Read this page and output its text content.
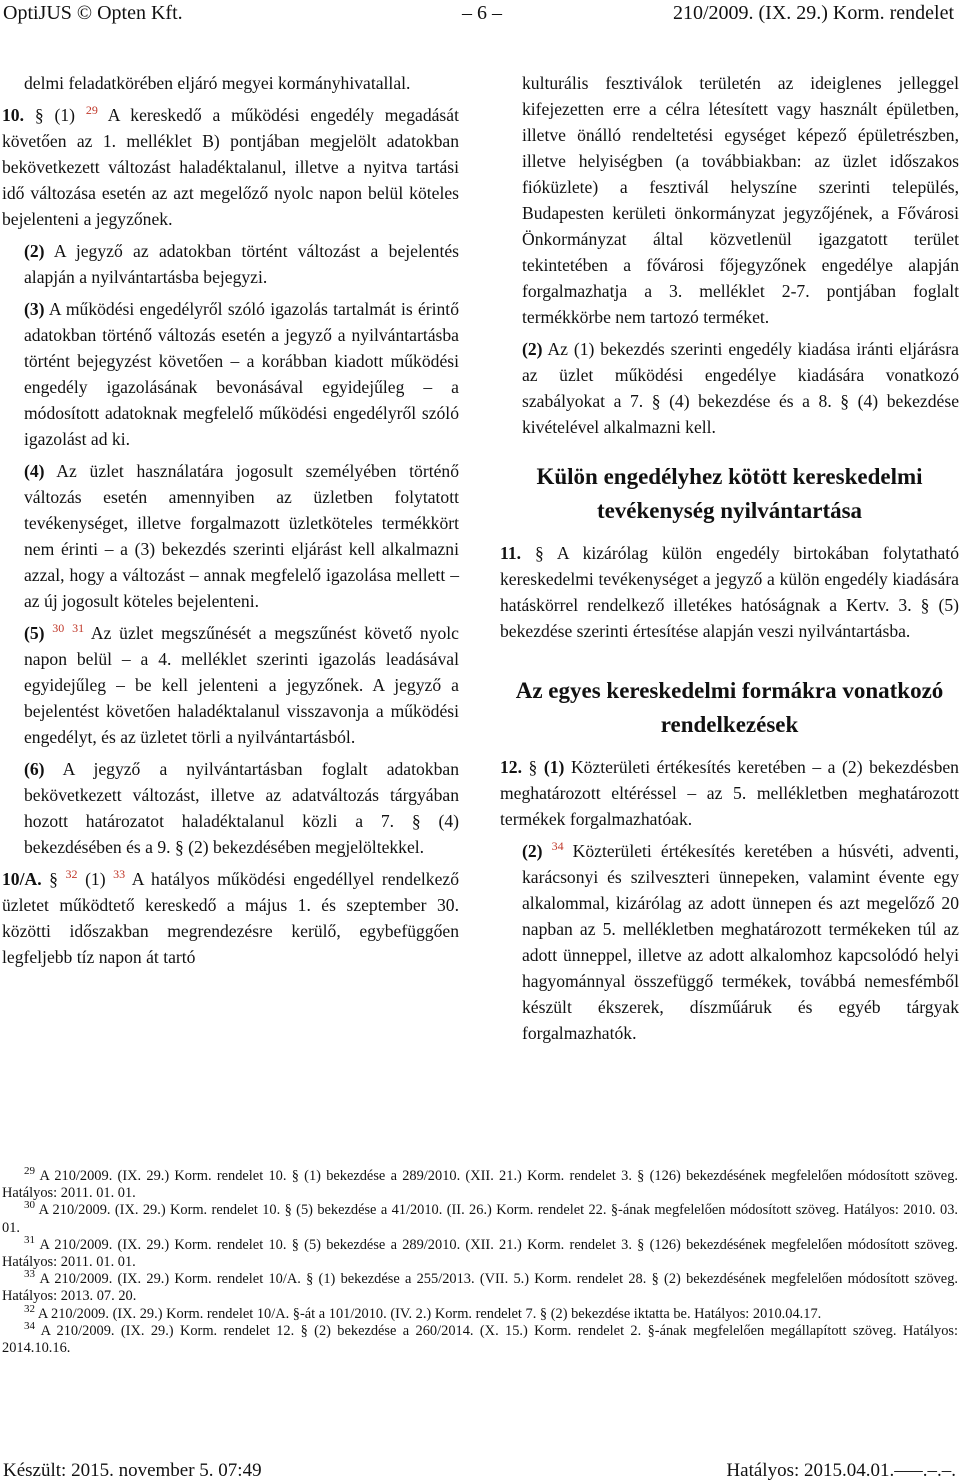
OptiJUS © Opten Kft.	– 6 –	210/2009. (IX. 29.) Korm. rendelet

delmi feladatkörében eljáró megyei kormányhivatallal.

10. § (1) $^{29}$ A kereskedő a működési engedély megadását követően az 1. melléklet B) pontjában megjelölt adatokban bekövetkezett változást haladéktalanul, illetve a nyitva tartási idő változása esetén az azt megelőző nyolc napon belül köteles bejelenteni a jegyzőnek.

(2) A jegyző az adatokban történt változást a bejelentés alapján a nyilvántartásba bejegyzi.

(3) A működési engedélyről szóló igazolás tartalmát is érintő adatokban történő változás esetén a jegyző a nyilvántartásba történt bejegyzést követően – a korábban kiadott működési engedély igazolásának bevonásával egyidejűleg – a módosított adatoknak megfelelő működési engedélyről szóló igazolást ad ki.

(4) Az üzlet használatára jogosult személyében történő változás esetén amennyiben az üzletben folytatott tevékenységet, illetve forgalmazott üzletköteles termékkört nem érinti – a (3) bekezdés szerinti eljárást kell alkalmazni azzal, hogy a változást – annak megfelelő igazolása mellett – az új jogosult köteles bejelenteni.

(5) $^{30}$ $^{31}$ Az üzlet megszűnését a megszűnést követő nyolc napon belül – a 4. melléklet szerinti igazolás leadásával egyidejűleg – be kell jelenteni a jegyzőnek. A jegyző a bejelentést követően haladéktalanul visszavonja a működési engedélyt, és az üzletet törli a nyilvántartásból.

(6) A jegyző a nyilvántartásban foglalt adatokban bekövetkezett változást, illetve az adatváltozás tárgyában hozott határozatot haladéktalanul közli a 7. § (4) bekezdésében és a 9. § (2) bekezdésében megjelöltekkel.

10/A. § $^{32}$ (1) $^{33}$ A hatályos működési engedéllyel rendelkező üzletet működtető kereskedő a május 1. és szeptember 30. közötti időszakban megrendezésre kerülő, egybefüggően legfeljebb tíz napon át tartó

kulturális fesztiválok területén az ideiglenes jelleggel kifejezetten erre a célra létesített vagy használt épületben, illetve önálló rendeltetési egységet képező épületrészben, illetve helyiségben (a továbbiakban: az üzlet időszakos fióküzlete) a fesztivál helyszíne szerinti település, Budapesten kerületi önkormányzat jegyzőjének, a Fővárosi Önkormányzat által közvetlenül igazgatott terület tekintetében a fővárosi főjegyzőnek engedélye alapján forgalmazhatja a 3. melléklet 2-7. pontjában foglalt termékkörbe nem tartozó terméket.

(2) Az (1) bekezdés szerinti engedély kiadása iránti eljárásra az üzlet működési engedélye kiadására vonatkozó szabályokat a 7. § (4) bekezdése és a 8. § (4) bekezdése kivételével alkalmazni kell.

Külön engedélyhez kötött kereskedelmi tevékenység nyilvántartása

11. § A kizárólag külön engedély birtokában folytatható kereskedelmi tevékenységet a jegyző a külön engedély kiadására hatáskörrel rendelkező illetékes hatóságnak a Kertv. 3. § (5) bekezdése szerinti értesítése alapján veszi nyilvántartásba.

Az egyes kereskedelmi formákra vonatkozó rendelkezések

12. § (1) Közterületi értékesítés keretében – a (2) bekezdésben meghatározott eltéréssel – az 5. mellékletben meghatározott termékek forgalmazhatóak.

(2) $^{34}$ Közterületi értékesítés keretében a húsvéti, adventi, karácsonyi és szilveszteri ünnepeken, valamint évente egy alkalommal, kizárólag az adott ünnepen és azt megelőző 20 napban az 5. mellékletben meghatározott termékeken túl az adott ünneppel, illetve az adott alkalomhoz kapcsolódó helyi hagyománnyal összefüggő termékek, továbbá nemesfémből készült ékszerek, díszműáruk és egyéb tárgyak forgalmazhatók.

$^{29}$ A 210/2009. (IX. 29.) Korm. rendelet 10. § (1) bekezdése a 289/2010. (XII. 21.) Korm. rendelet 3. § (126) bekezdésének megfelelően módosított szöveg. Hatályos: 2011. 01. 01.

$^{30}$ A 210/2009. (IX. 29.) Korm. rendelet 10. § (5) bekezdése a 41/2010. (II. 26.) Korm. rendelet 22. §-ának megfelelően módosított szöveg. Hatályos: 2010. 03. 01.

$^{31}$ A 210/2009. (IX. 29.) Korm. rendelet 10. § (5) bekezdése a 289/2010. (XII. 21.) Korm. rendelet 3. § (126) bekezdésének megfelelően módosított szöveg. Hatályos: 2011. 01. 01.

$^{33}$ A 210/2009. (IX. 29.) Korm. rendelet 10/A. § (1) bekezdése a 255/2013. (VII. 5.) Korm. rendelet 28. § (2) bekezdésének megfelelően módosított szöveg. Hatályos: 2013. 07. 20.

$^{32}$ A 210/2009. (IX. 29.) Korm. rendelet 10/A. §-át a 101/2010. (IV. 2.) Korm. rendelet 7. § (2) bekezdése iktatta be. Hatályos: 2010.04.17.

$^{34}$ A 210/2009. (IX. 29.) Korm. rendelet 12. § (2) bekezdése a 260/2014. (X. 15.) Korm. rendelet 2. §-ának megfelelően megállapított szöveg. Hatályos: 2014.10.16.

Készült: 2015. november 5. 07:49	Hatályos: 2015.04.01.–––.–.–.
